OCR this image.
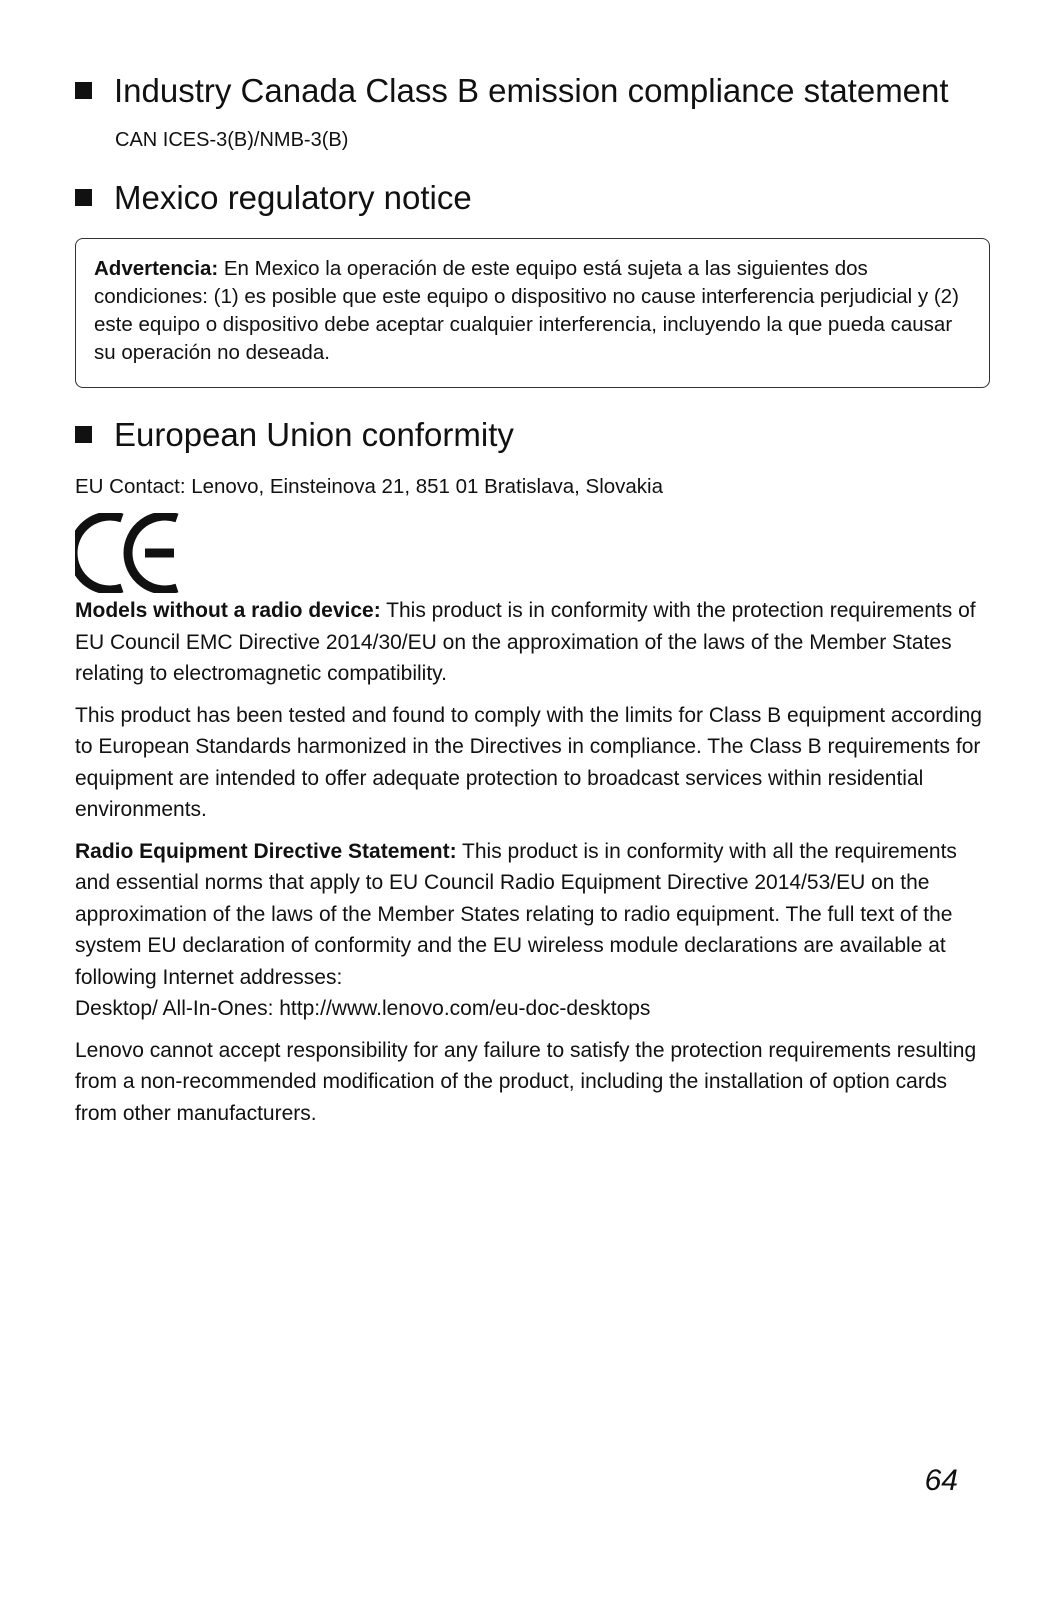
Industry Canada Class B emission compliance statement
CAN ICES-3(B)/NMB-3(B)
Mexico regulatory notice
Advertencia: En Mexico la operación de este equipo está sujeta a las siguientes dos condiciones: (1) es posible que este equipo o dispositivo no cause interferencia perjudicial y (2) este equipo o dispositivo debe aceptar cualquier interferencia, incluyendo la que pueda causar su operación no deseada.
European Union conformity
EU Contact: Lenovo, Einsteinova 21, 851 01 Bratislava, Slovakia

Models without a radio device: This product is in conformity with the protection requirements of EU Council EMC Directive 2014/30/EU on the approximation of the laws of the Member States relating to electromagnetic compatibility.

This product has been tested and found to comply with the limits for Class B equipment according to European Standards harmonized in the Directives in compliance. The Class B requirements for equipment are intended to offer adequate protection to broadcast services within residential environments.

Radio Equipment Directive Statement: This product is in conformity with all the requirements and essential norms that apply to EU Council Radio Equipment Directive 2014/53/EU on the approximation of the laws of the Member States relating to radio equipment. The full text of the system EU declaration of conformity and the EU wireless module declarations are available at following Internet addresses:
Desktop/ All-In-Ones: http://www.lenovo.com/eu-doc-desktops

Lenovo cannot accept responsibility for any failure to satisfy the protection requirements resulting from a non-recommended modification of the product, including the installation of option cards from other manufacturers.

64
